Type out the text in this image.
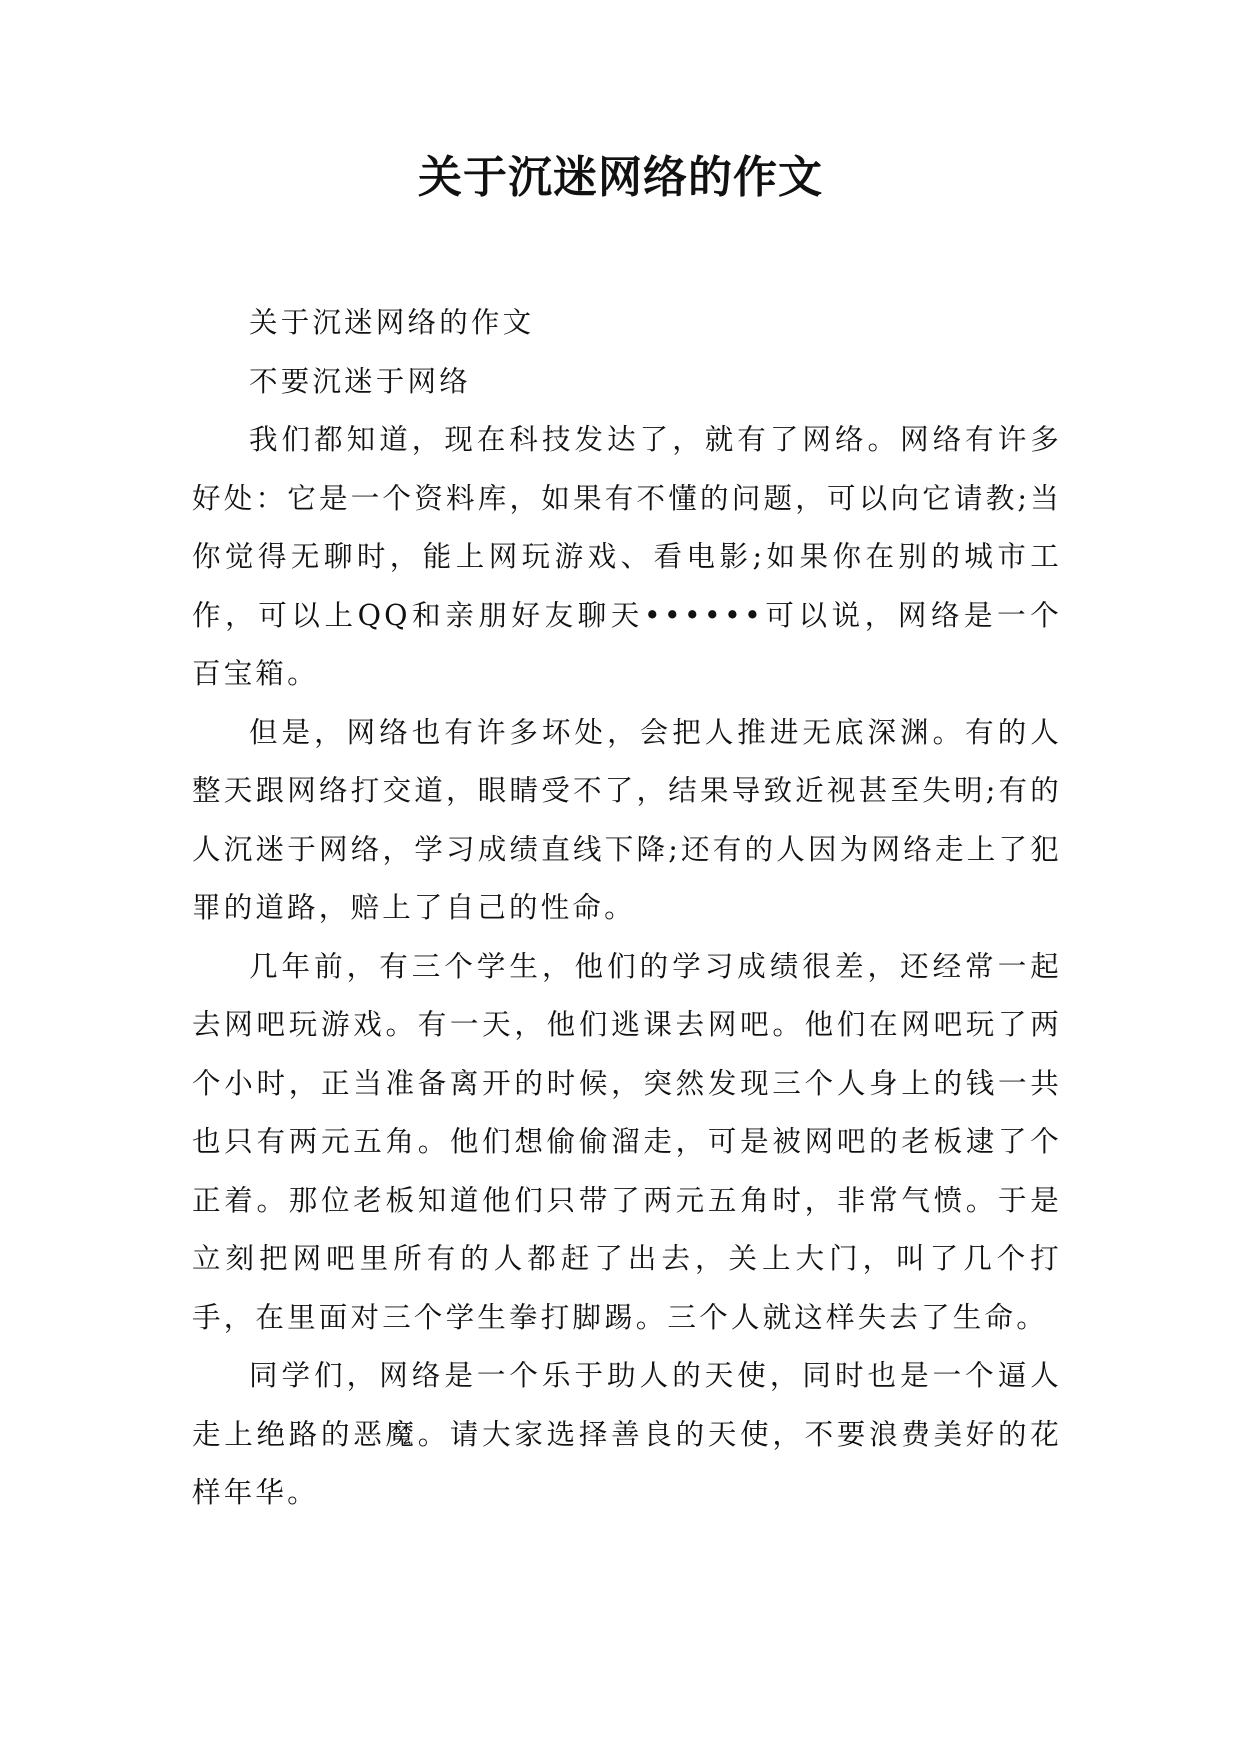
关于沉迷网络的作文

关于沉迷网络的作文

不要沉迷于网络

我们都知道，现在科技发达了，就有了网络。网络有许多好处：它是一个资料库，如果有不懂的问题，可以向它请教;当你觉得无聊时，能上网玩游戏、看电影;如果你在别的城市工作，可以上QQ和亲朋好友聊天••••••可以说，网络是一个百宝箱。

但是，网络也有许多坏处，会把人推进无底深渊。有的人整天跟网络打交道，眼睛受不了，结果导致近视甚至失明;有的人沉迷于网络，学习成绩直线下降;还有的人因为网络走上了犯罪的道路，赔上了自己的性命。

几年前，有三个学生，他们的学习成绩很差，还经常一起去网吧玩游戏。有一天，他们逃课去网吧。他们在网吧玩了两个小时，正当准备离开的时候，突然发现三个人身上的钱一共也只有两元五角。他们想偷偷溜走，可是被网吧的老板逮了个正着。那位老板知道他们只带了两元五角时，非常气愤。于是立刻把网吧里所有的人都赶了出去，关上大门，叫了几个打手，在里面对三个学生拳打脚踢。三个人就这样失去了生命。

同学们，网络是一个乐于助人的天使，同时也是一个逼人走上绝路的恶魔。请大家选择善良的天使，不要浪费美好的花样年华。
